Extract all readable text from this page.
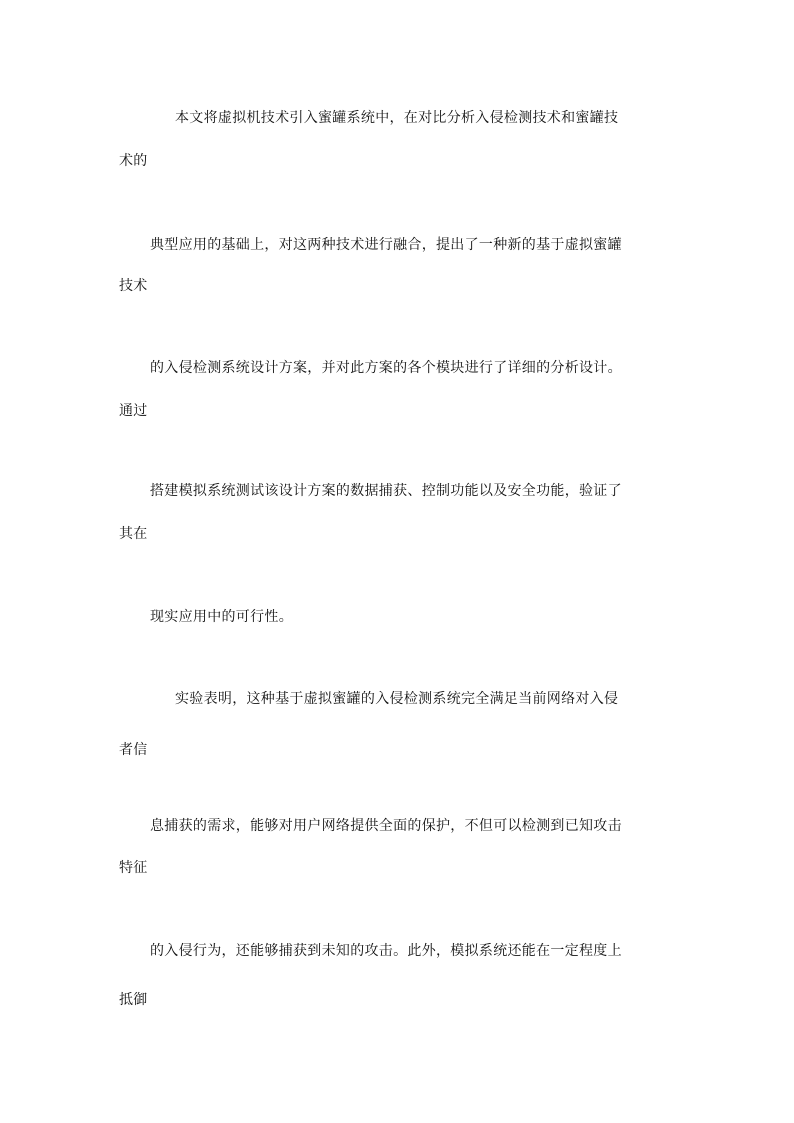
本文将虚拟机技术引入蜜罐系统中，在对比分析入侵检测技术和蜜罐技

术的

典型应用的基础上，对这两种技术进行融合，提出了一种新的基于虚拟蜜罐

技术

的入侵检测系统设计方案，并对此方案的各个模块进行了详细的分析设计。

通过

搭建模拟系统测试该设计方案的数据捕获、控制功能以及安全功能，验证了

其在

现实应用中的可行性。

实验表明，这种基于虚拟蜜罐的入侵检测系统完全满足当前网络对入侵

者信

息捕获的需求，能够对用户网络提供全面的保护，不但可以检测到已知攻击

特征

的入侵行为，还能够捕获到未知的攻击。此外，模拟系统还能在一定程度上

抵御
